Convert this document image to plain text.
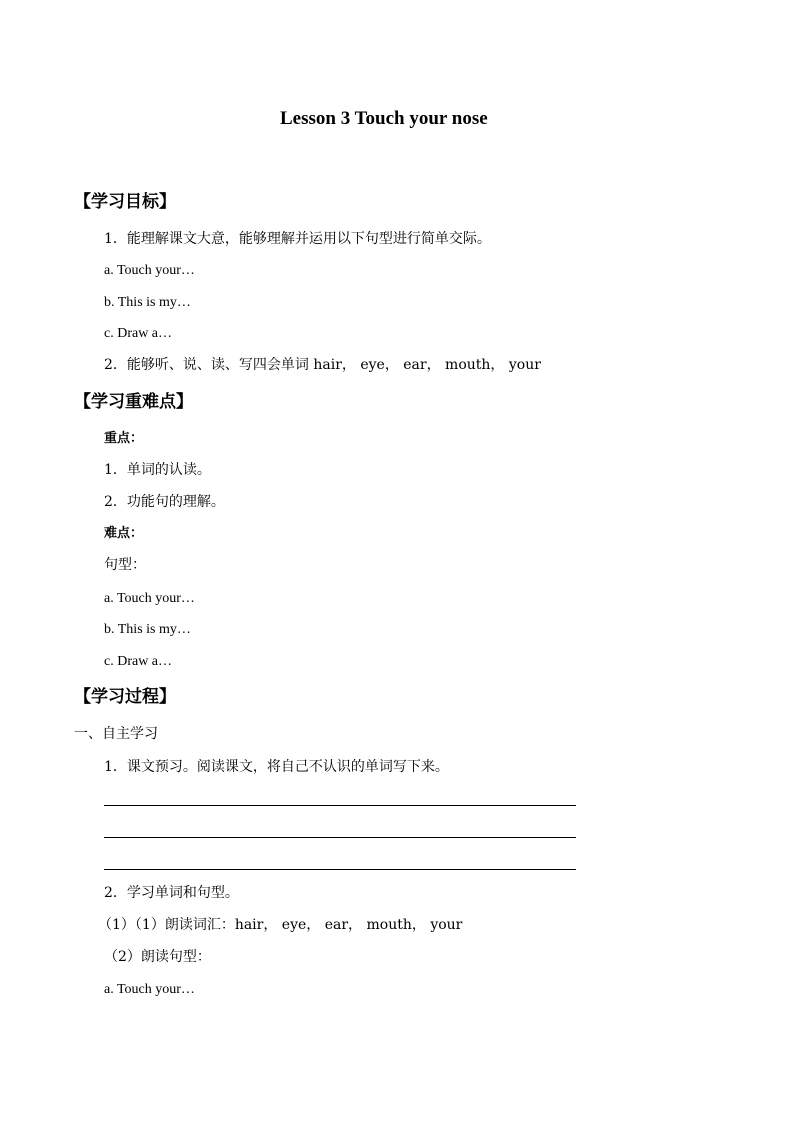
Lesson 3 Touch your nose
【学习目标】
1．能理解课文大意，能够理解并运用以下句型进行简单交际。
a. Touch your…
b. This is my…
c. Draw a…
2．能够听、说、读、写四会单词 hair， eye， ear， mouth， your
【学习重难点】
重点：
1．单词的认读。
2．功能句的理解。
难点：
句型：
a. Touch your…
b. This is my…
c. Draw a…
【学习过程】
一、自主学习
1．课文预习。阅读课文，将自己不认识的单词写下来。
2．学习单词和句型。
（1）（1）朗读词汇：hair， eye， ear， mouth， your
（2）朗读句型：
a. Touch your…
